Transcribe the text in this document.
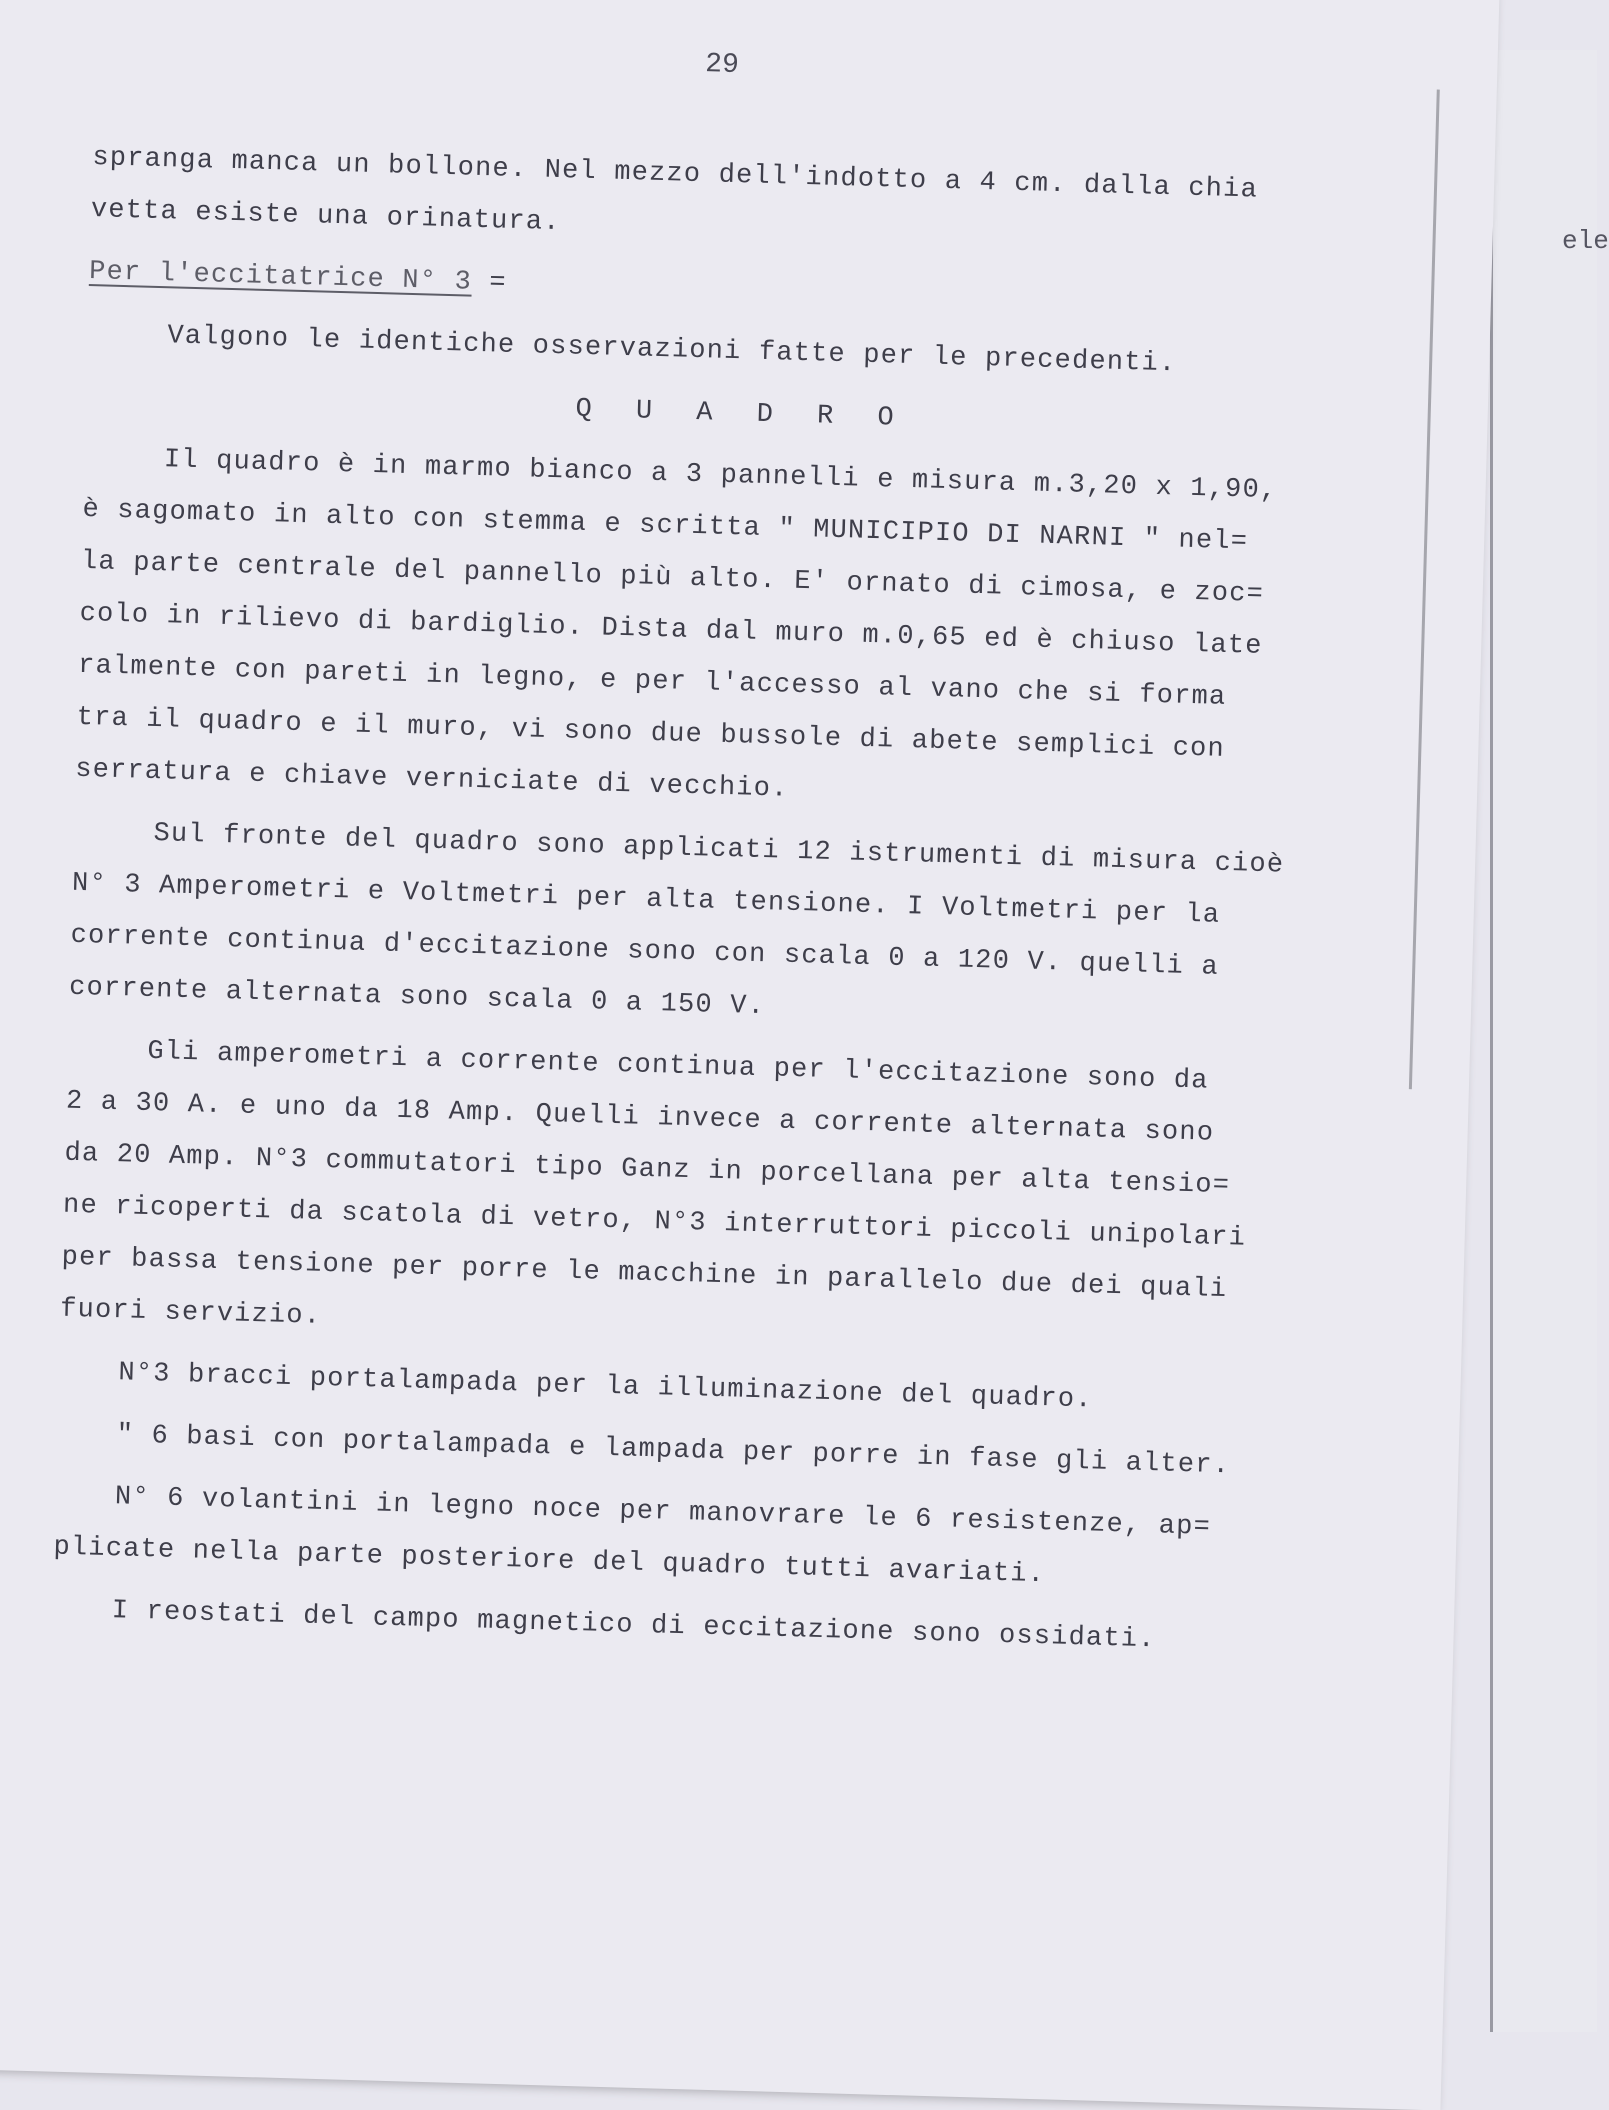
ele
29
spranga manca un bollone. Nel mezzo dell'indotto a 4 cm. dalla chia
vetta esiste una orinatura.
Per l'eccitatrice N° 3 =
Valgono le identiche osservazioni fatte per le precedenti.
Q U A D R O
Il quadro è in marmo bianco a 3 pannelli e misura m.3,20 x 1,90,
è sagomato in alto con stemma e scritta " MUNICIPIO DI NARNI " nel=
la parte centrale del pannello più alto. E' ornato di cimosa, e zoc=
colo in rilievo di bardiglio. Dista dal muro m.0,65 ed è chiuso late
ralmente con pareti in legno, e per l'accesso al vano che si forma
tra il quadro e il muro, vi sono due bussole di abete semplici con
serratura e chiave verniciate di vecchio.
Sul fronte del quadro sono applicati 12 istrumenti di misura cioè
N° 3 Amperometri e Voltmetri per alta tensione. I Voltmetri per la
corrente continua d'eccitazione sono con scala 0 a 120 V. quelli a
corrente alternata sono scala 0 a 150 V.
Gli amperometri a corrente continua per l'eccitazione sono da
2 a 30 A. e uno da 18 Amp. Quelli invece a corrente alternata sono
da 20 Amp. N°3 commutatori tipo Ganz in porcellana per alta tensio=
ne ricoperti da scatola di vetro, N°3 interruttori piccoli unipolari
per bassa tensione per porre le macchine in parallelo due dei quali
fuori servizio.
N°3 bracci portalampada per la illuminazione del quadro.
" 6 basi con portalampada e lampada per porre in fase gli alter.
N° 6 volantini in legno noce per manovrare le 6 resistenze, ap=
plicate nella parte posteriore del quadro tutti avariati.
I reostati del campo magnetico di eccitazione sono ossidati.
